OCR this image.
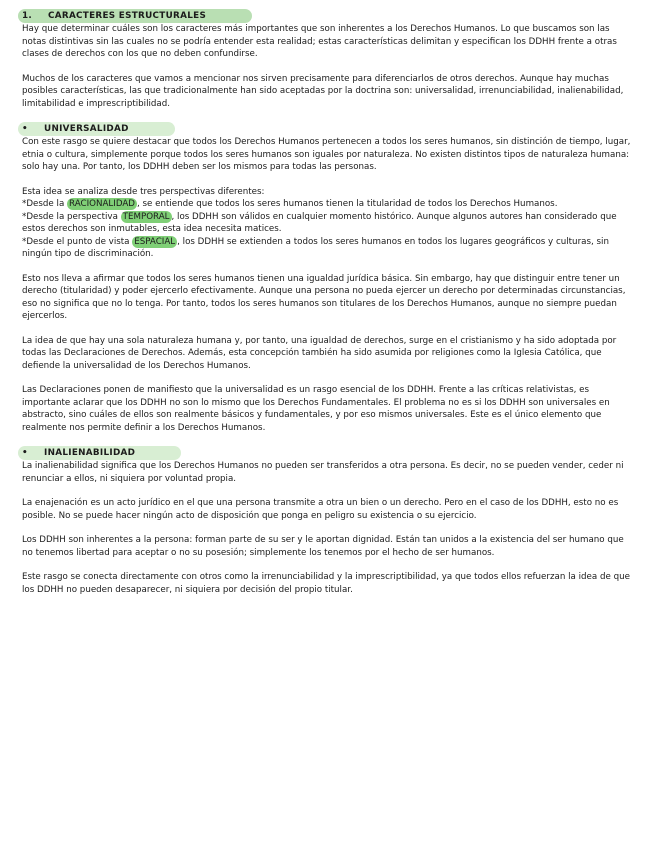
1. CARACTERES ESTRUCTURALES

Hay que determinar cuáles son los caracteres más importantes que son inherentes a los Derechos Humanos. Lo que buscamos son las notas distintivas sin las cuales no se podría entender esta realidad; estas características delimitan y especifican los DDHH frente a otras clases de derechos con los que no deben confundirse.

Muchos de los caracteres que vamos a mencionar nos sirven precisamente para diferenciarlos de otros derechos. Aunque hay muchas posibles características, las que tradicionalmente han sido aceptadas por la doctrina son: universalidad, irrenunciabilidad, inalienabilidad, limitabilidad e imprescriptibilidad.

• UNIVERSALIDAD

Con este rasgo se quiere destacar que todos los Derechos Humanos pertenecen a todos los seres humanos, sin distinción de tiempo, lugar, etnia o cultura, simplemente porque todos los seres humanos son iguales por naturaleza. No existen distintos tipos de naturaleza humana: solo hay una. Por tanto, los DDHH deben ser los mismos para todas las personas.

Esta idea se analiza desde tres perspectivas diferentes:

*Desde la RACIONALIDAD , se entiende que todos los seres humanos tienen la titularidad de todos los Derechos Humanos.

*Desde la perspectiva TEMPORAL , los DDHH son válidos en cualquier momento histórico. Aunque algunos autores han considerado que estos derechos son inmutables, esta idea necesita matices.

*Desde el punto de vista ESPACIAL , los DDHH se extienden a todos los seres humanos en todos los lugares geográficos y culturas, sin ningún tipo de discriminación.

Esto nos lleva a afirmar que todos los seres humanos tienen una igualdad jurídica básica. Sin embargo, hay que distinguir entre tener un derecho (titularidad) y poder ejercerlo efectivamente. Aunque una persona no pueda ejercer un derecho por determinadas circunstancias, eso no significa que no lo tenga. Por tanto, todos los seres humanos son titulares de los Derechos Humanos, aunque no siempre puedan ejercerlos.

La idea de que hay una sola naturaleza humana y, por tanto, una igualdad de derechos, surge en el cristianismo y ha sido adoptada por todas las Declaraciones de Derechos. Además, esta concepción también ha sido asumida por religiones como la Iglesia Católica, que defiende la universalidad de los Derechos Humanos.

Las Declaraciones ponen de manifiesto que la universalidad es un rasgo esencial de los DDHH. Frente a las críticas relativistas, es importante aclarar que los DDHH no son lo mismo que los Derechos Fundamentales. El problema no es si los DDHH son universales en abstracto, sino cuáles de ellos son realmente básicos y fundamentales, y por eso mismos universales. Este es el único elemento que realmente nos permite definir a los Derechos Humanos.

• INALIENABILIDAD

La inalienabilidad significa que los Derechos Humanos no pueden ser transferidos a otra persona. Es decir, no se pueden vender, ceder ni renunciar a ellos, ni siquiera por voluntad propia.

La enajenación es un acto jurídico en el que una persona transmite a otra un bien o un derecho. Pero en el caso de los DDHH, esto no es posible. No se puede hacer ningún acto de disposición que ponga en peligro su existencia o su ejercicio.

Los DDHH son inherentes a la persona: forman parte de su ser y le aportan dignidad. Están tan unidos a la existencia del ser humano que no tenemos libertad para aceptar o no su posesión; simplemente los tenemos por el hecho de ser humanos.

Este rasgo se conecta directamente con otros como la irrenunciabilidad y la imprescriptibilidad, ya que todos ellos refuerzan la idea de que los DDHH no pueden desaparecer, ni siquiera por decisión del propio titular.
